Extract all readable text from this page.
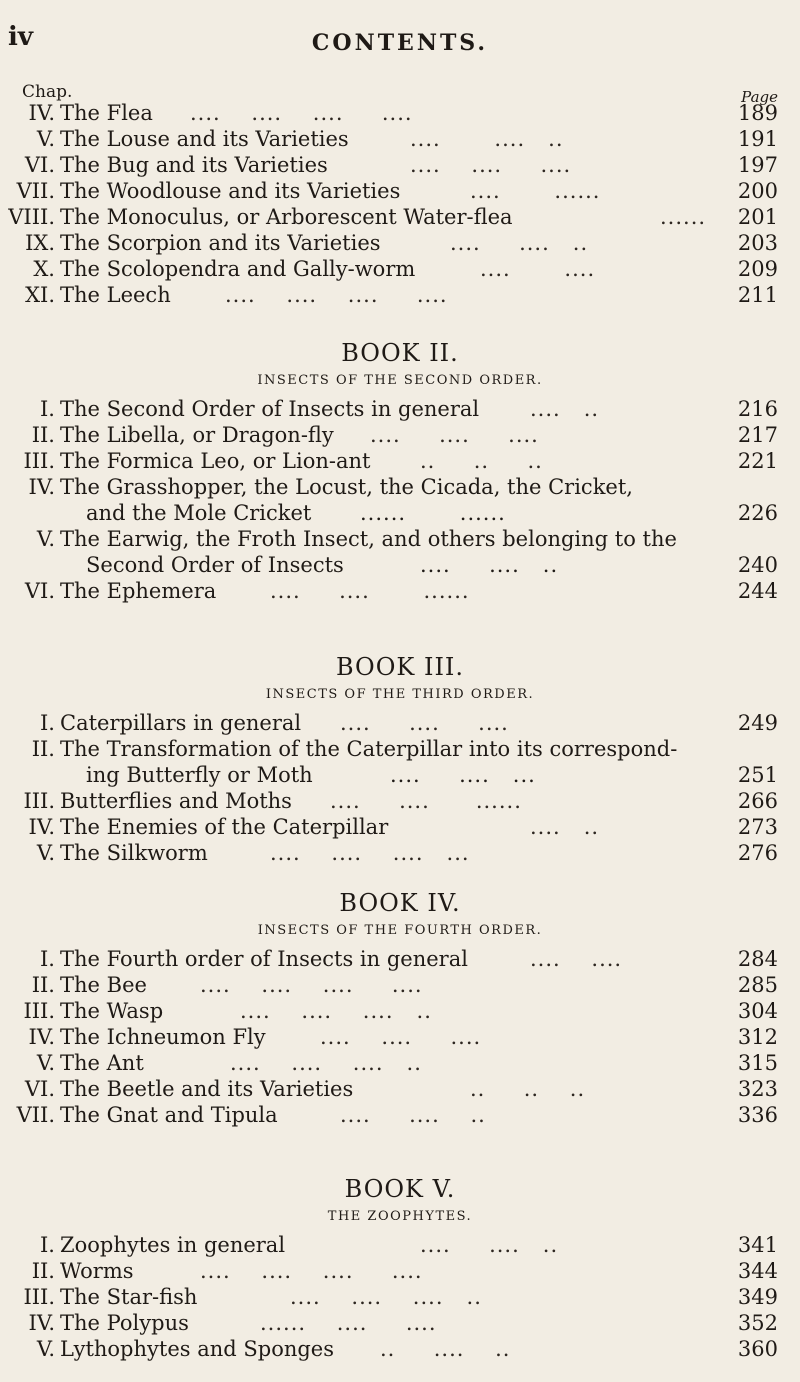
iv	CONTENTS.
Chap.	Page
IV. The Flea ....    ....    ....     ....	189
V. The Louse and its Varieties	....       ....   ..	191
VI. The Bug and its Varieties	....    ....     ....	197
VII. The Woodlouse and its Varieties	....       ......	200
VIII. The Monoculus, or Arborescent Water-flea	...... 201
IX. The Scorpion and its Varieties	....     ....   ..	203
X. The Scolopendra and Gally-worm	....       ....	209
XI. The Leech	....    ....    ....     ....	211
BOOK II.
INSECTS OF THE SECOND ORDER.
I. The Second Order of Insects in general ....   ..	216
II. The Libella, or Dragon-fly ....     ....     ....	217
III. The Formica Leo, or Lion-ant ..     ..     ..	221
IV. The Grasshopper, the Locust, the Cicada, the Cricket,
and the Mole Cricket ......       ......	226
V. The Earwig, the Froth Insect, and others belonging to the
Second Order of Insects	....     ....   ..	240
VI. The Ephemera	....     ....       ......	244
BOOK III.
INSECTS OF THE THIRD ORDER.
I. Caterpillars in general ....     ....     ....	249
II. The Transformation of the Caterpillar into its correspond-
ing Butterfly or Moth	....     ....   ...	251
III. Butterflies and Moths ....     ....      ......	266
IV. The Enemies of the Caterpillar	....   ..	273
V. The Silkworm	....    ....    ....   ...	276
BOOK IV.
INSECTS OF THE FOURTH ORDER.
I. The Fourth order of Insects in general	....    ....	284
II. The Bee	....    ....    ....     ....	285
III. The Wasp	....    ....    ....   ..	304
IV. The Ichneumon Fly	....    ....     ....	312
V. The Ant	....    ....    ....   ..	315
VI. The Beetle and its Varieties	..     ..    ..	323
VII. The Gnat and Tipula	....     ....    ..	336
BOOK V.
THE ZOOPHYTES.
I. Zoophytes in general	....     ....   ..	341
II. Worms	....    ....    ....     ....	344
III. The Star-fish	....    ....    ....   ..	349
IV. The Polypus	......    ....     ....	352
V. Lythophytes and Sponges ..     ....    ..	360
